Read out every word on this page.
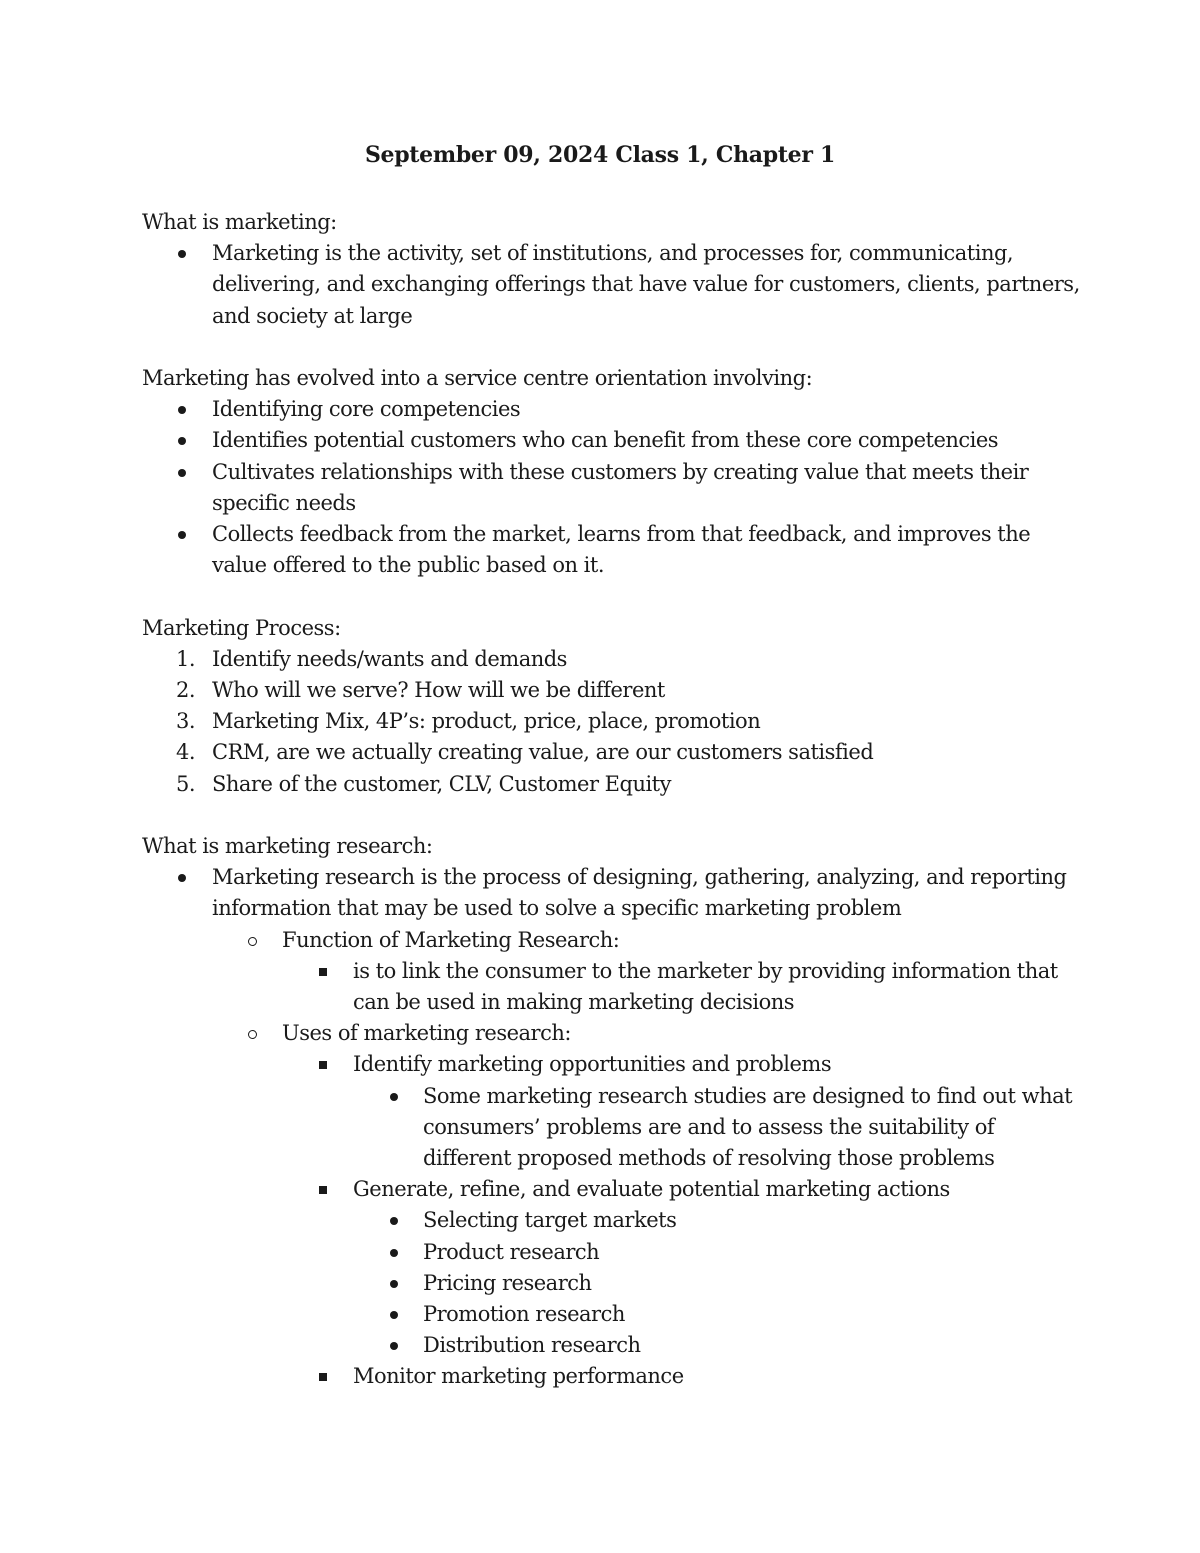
September 09, 2024 Class 1, Chapter 1

What is marketing:

Marketing is the activity, set of institutions, and processes for, communicating, delivering, and exchanging offerings that have value for customers, clients, partners, and society at large

Marketing has evolved into a service centre orientation involving:

Identifying core competencies
Identifies potential customers who can benefit from these core competencies
Cultivates relationships with these customers by creating value that meets their specific needs
Collects feedback from the market, learns from that feedback, and improves the value offered to the public based on it.

Marketing Process:

1. Identify needs/wants and demands
2. Who will we serve? How will we be different
3. Marketing Mix, 4P’s: product, price, place, promotion
4. CRM, are we actually creating value, are our customers satisfied
5. Share of the customer, CLV, Customer Equity

What is marketing research:

Marketing research is the process of designing, gathering, analyzing, and reporting information that may be used to solve a specific marketing problem
Function of Marketing Research:
is to link the consumer to the marketer by providing information that can be used in making marketing decisions
Uses of marketing research:
Identify marketing opportunities and problems
Some marketing research studies are designed to find out what consumers’ problems are and to assess the suitability of different proposed methods of resolving those problems
Generate, refine, and evaluate potential marketing actions
Selecting target markets
Product research
Pricing research
Promotion research
Distribution research
Monitor marketing performance
